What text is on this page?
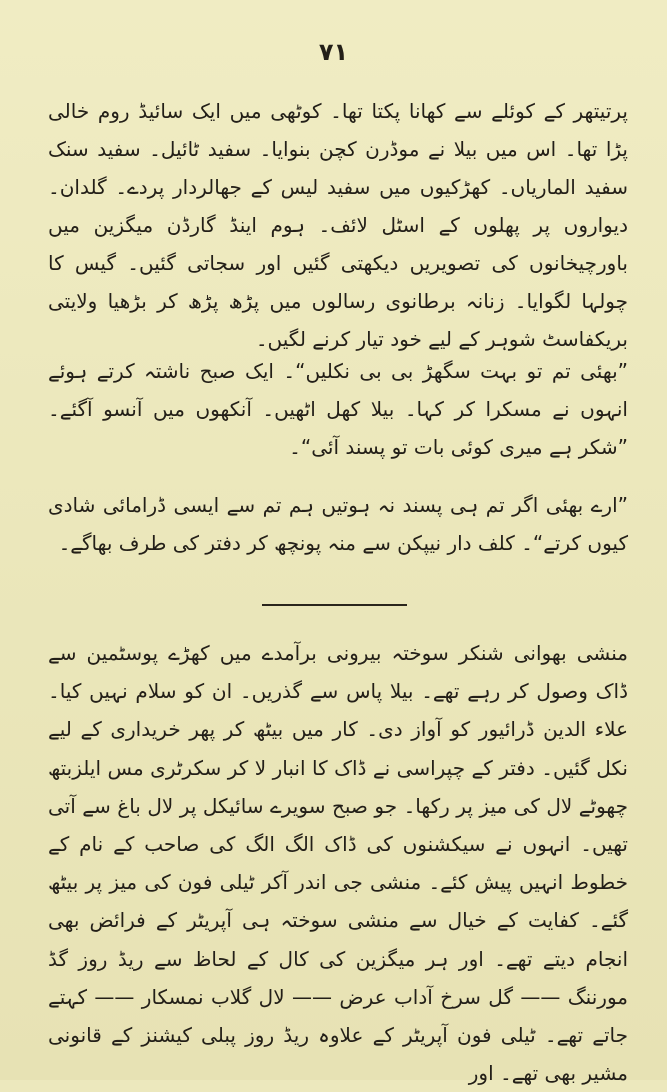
٧١

پرتیتھر کے کوئلے سے کھانا پکتا تھا۔ کوٹھی میں ایک سائیڈ روم خالی پڑا تھا۔ اس میں بیلا نے موڈرن کچن بنوایا۔ سفید ٹائیل۔ سفید سنک سفید الماریاں۔ کھڑکیوں میں سفید لیس کے جھالردار پردے۔ گلدان۔ دیواروں پر پھلوں کے اسٹل لائف۔ ہوم اینڈ گارڈن میگزین میں باورچیخانوں کی تصویریں دیکھتی گئیں اور سجاتی گئیں۔ گیس کا چولہا لگوایا۔ زنانہ برطانوی رسالوں میں پڑھ پڑھ کر بڑھیا ولایتی بریکفاسٹ شوہر کے لیے خود تیار کرنے لگیں۔

”بھئی تم تو بہت سگھڑ بی بی نکلیں“۔ ایک صبح ناشتہ کرتے ہوئے انہوں نے مسکرا کر کہا۔ بیلا کھل اٹھیں۔ آنکھوں میں آنسو آگئے۔ ”شکر ہے میری کوئی بات تو پسند آئی“۔

”ارے بھئی اگر تم ہی پسند نہ ہوتیں ہم تم سے ایسی ڈرامائی شادی کیوں کرتے“۔ کلف دار نیپکن سے منہ پونچھ کر دفتر کی طرف بھاگے۔

منشی بھوانی شنکر سوختہ بیرونی برآمدے میں کھڑے پوسٹمین سے ڈاک وصول کر رہے تھے۔ بیلا پاس سے گذریں۔ ان کو سلام نہیں کیا۔ علاء الدین ڈرائیور کو آواز دی۔ کار میں بیٹھ کر پھر خریداری کے لیے نکل گئیں۔ دفتر کے چپراسی نے ڈاک کا انبار لا کر سکرٹری مس ایلزبتھ چھوٹے لال کی میز پر رکھا۔ جو صبح سویرے سائیکل پر لال باغ سے آتی تھیں۔ انہوں نے سیکشنوں کی ڈاک الگ الگ کی صاحب کے نام کے خطوط انہیں پیش کئے۔ منشی جی اندر آکر ٹیلی فون کی میز پر بیٹھ گئے۔ کفایت کے خیال سے منشی سوختہ ہی آپریٹر کے فرائض بھی انجام دیتے تھے۔ اور ہر میگزین کی کال کے لحاظ سے ریڈ روز گڈ مورننگ —— گل سرخ آداب عرض —— لال گلاب نمسکار —— کہتے جاتے تھے۔ ٹیلی فون آپریٹر کے علاوہ ریڈ روز پبلی کیشنز کے قانونی مشیر بھی تھے۔ اور
